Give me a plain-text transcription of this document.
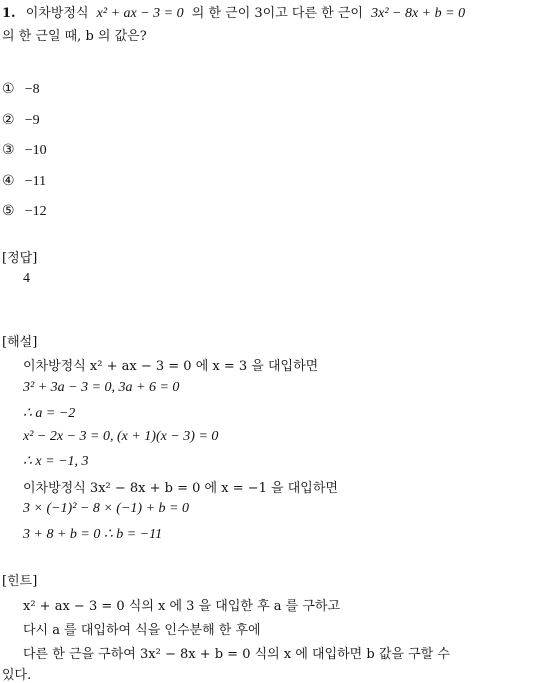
1. 이차방정식 x² + ax − 3 = 0 의 한 근이 3이고 다른 한 근이 3x² − 8x + b = 0
의 한 근일 때, b 의 값은?
① −8
② −9
③ −10
④ −11
⑤ −12
[정답]
4
[해설]
이차방정식 x² + ax − 3 = 0 에 x = 3 을 대입하면
3² + 3a − 3 = 0, 3a + 6 = 0
∴ a = −2
x² − 2x − 3 = 0, (x + 1)(x − 3) = 0
∴ x = −1, 3
이차방정식 3x² − 8x + b = 0 에 x = −1 을 대입하면
3 × (−1)² − 8 × (−1) + b = 0
3 + 8 + b = 0 ∴ b = −11
[힌트]
x² + ax − 3 = 0 식의 x 에 3 을 대입한 후 a 를 구하고
다시 a 를 대입하여 식을 인수분해 한 후에
다른 한 근을 구하여 3x² − 8x + b = 0 식의 x 에 대입하면 b 값을 구할 수
있다.
